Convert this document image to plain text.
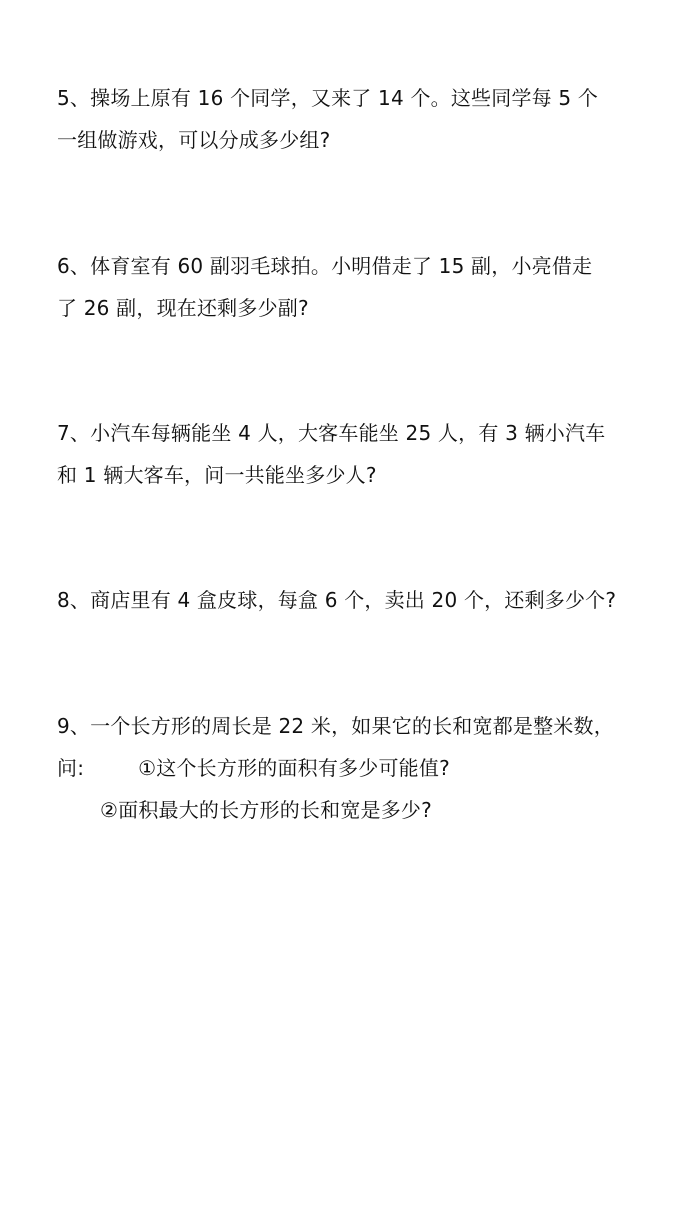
5、操场上原有 16 个同学，又来了 14 个。这些同学每 5 个
一组做游戏，可以分成多少组?
6、体育室有 60 副羽毛球拍。小明借走了 15 副，小亮借走
了 26 副，现在还剩多少副?
7、小汽车每辆能坐 4 人，大客车能坐 25 人，有 3 辆小汽车
和 1 辆大客车，问一共能坐多少人?
8、商店里有 4 盒皮球，每盒 6 个，卖出 20 个，还剩多少个?
9、一个长方形的周长是 22 米，如果它的长和宽都是整米数，
问:	①这个长方形的面积有多少可能值?
②面积最大的长方形的长和宽是多少?
